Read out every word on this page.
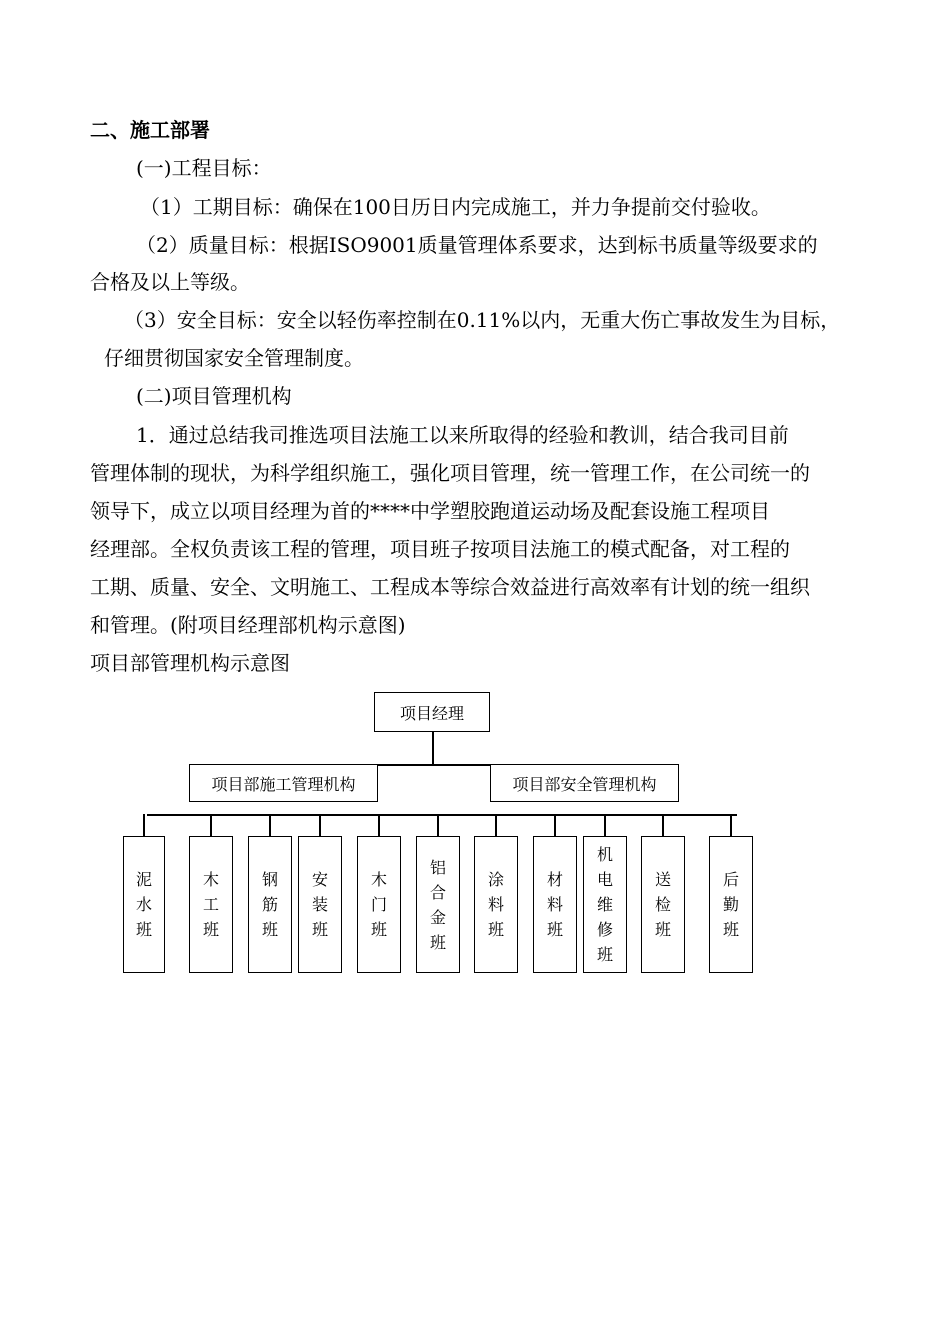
二、施工部署
(一)工程目标：
（1）工期目标：确保在100日历日内完成施工，并力争提前交付验收。
（2）质量目标：根据ISO9001质量管理体系要求，达到标书质量等级要求的
合格及以上等级。
（3）安全目标：安全以轻伤率控制在0.11%以内，无重大伤亡事故发生为目标，
仔细贯彻国家安全管理制度。
(二)项目管理机构
1．通过总结我司推选项目法施工以来所取得的经验和教训，结合我司目前
管理体制的现状，为科学组织施工，强化项目管理，统一管理工作，在公司统一的
领导下，成立以项目经理为首的****中学塑胶跑道运动场及配套设施工程项目
经理部。全权负责该工程的管理，项目班子按项目法施工的模式配备，对工程的
工期、质量、安全、文明施工、工程成本等综合效益进行高效率有计划的统一组织
和管理。(附项目经理部机构示意图)
项目部管理机构示意图
项目经理
项目部施工管理机构	项目部安全管理机构
泥水班
木工班
钢筋班
安装班
木门班
铝合金班
涂料班
材料班
机电维修班
送检班
后勤班
